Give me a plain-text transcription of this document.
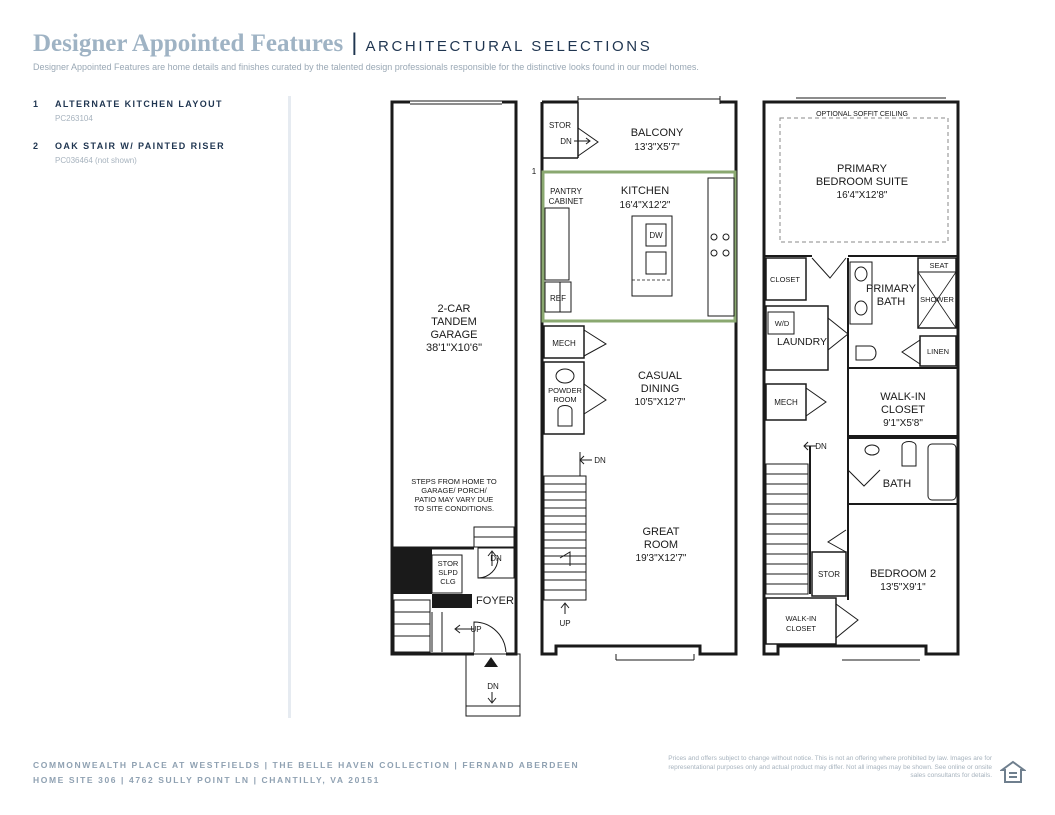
Designer Appointed Features | ARCHITECTURAL SELECTIONS
Designer Appointed Features are home details and finishes curated by the talented design professionals responsible for the distinctive looks found in our model homes.
1	ALTERNATE KITCHEN LAYOUT
PC263104
2	OAK STAIR W/ PAINTED RISER
PC036464 (not shown)
2-CAR
TANDEM
GARAGE
38'1"X10'6"
STEPS FROM HOME TO
GARAGE/ PORCH/
PATIO MAY VARY DUE
TO SITE CONDITIONS.
STOR
SLPD
CLG
FOYER
DN
UP
DN
STOR
DN
BALCONY
13'3"X5'7"
1
PANTRY
CABINET
KITCHEN
16'4"X12'2"
DW
REF
MECH
POWDER
ROOM
CASUAL
DINING
10'5"X12'7"
DN
GREAT
ROOM
19'3"X12'7"
UP
OPTIONAL SOFFIT CEILING
PRIMARY
BEDROOM SUITE
16'4"X12'8"
CLOSET
PRIMARY
BATH
SEAT
SHOWER
W/D
LAUNDRY
LINEN
WALK-IN
CLOSET
9'1"X5'8"
MECH
DN
BATH
STOR	BEDROOM 2
13'5"X9'1"
WALK-IN
CLOSET
COMMONWEALTH PLACE AT WESTFIELDS | THE BELLE HAVEN COLLECTION | FERNAND ABERDEEN
HOME SITE 306 | 4762 SULLY POINT LN | CHANTILLY, VA 20151
Prices and offers subject to change without notice. This is not an offering where prohibited by law. Images are for representational purposes only and actual product may differ. Not all images may be shown. See online or onsite sales consultants for details.
